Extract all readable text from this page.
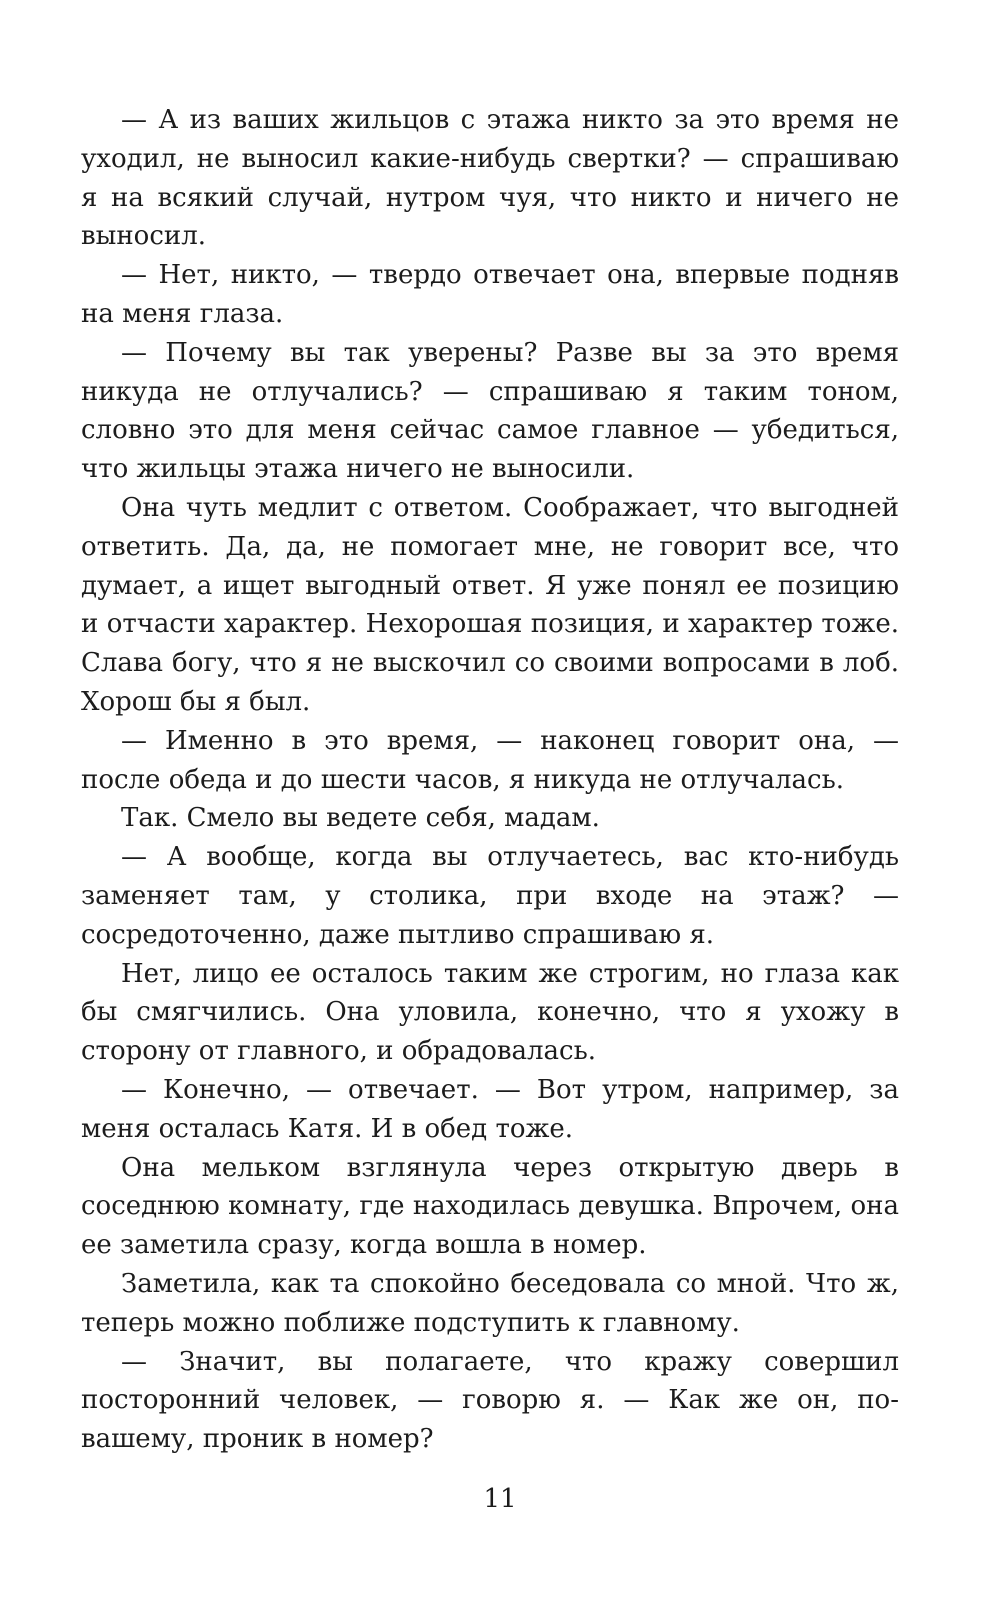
— А из ваших жильцов с этажа никто за это время не уходил, не выносил какие-нибудь свертки? — спрашиваю я на всякий случай, нутром чуя, что никто и ничего не выносил.

— Нет, никто, — твердо отвечает она, впервые подняв на меня глаза.

— Почему вы так уверены? Разве вы за это время никуда не отлучались? — спрашиваю я таким тоном, словно это для меня сейчас самое главное — убедиться, что жильцы этажа ничего не выносили.

Она чуть медлит с ответом. Соображает, что выгодней ответить. Да, да, не помогает мне, не говорит все, что думает, а ищет выгодный ответ. Я уже понял ее позицию и отчасти характер. Нехорошая позиция, и характер тоже. Слава богу, что я не выскочил со своими вопросами в лоб. Хорош бы я был.

— Именно в это время, — наконец говорит она, — после обеда и до шести часов, я никуда не отлучалась.

Так. Смело вы ведете себя, мадам.

— А вообще, когда вы отлучаетесь, вас кто-нибудь заменяет там, у столика, при входе на этаж? — сосредоточенно, даже пытливо спрашиваю я.

Нет, лицо ее осталось таким же строгим, но глаза как бы смягчились. Она уловила, конечно, что я ухожу в сторону от главного, и обрадовалась.

— Конечно, — отвечает. — Вот утром, например, за меня осталась Катя. И в обед тоже.

Она мельком взглянула через открытую дверь в соседнюю комнату, где находилась девушка. Впрочем, она ее заметила сразу, когда вошла в номер.

Заметила, как та спокойно беседовала со мной. Что ж, теперь можно поближе подступить к главному.

— Значит, вы полагаете, что кражу совершил посторонний человек, — говорю я. — Как же он, по-вашему, проник в номер?

11
